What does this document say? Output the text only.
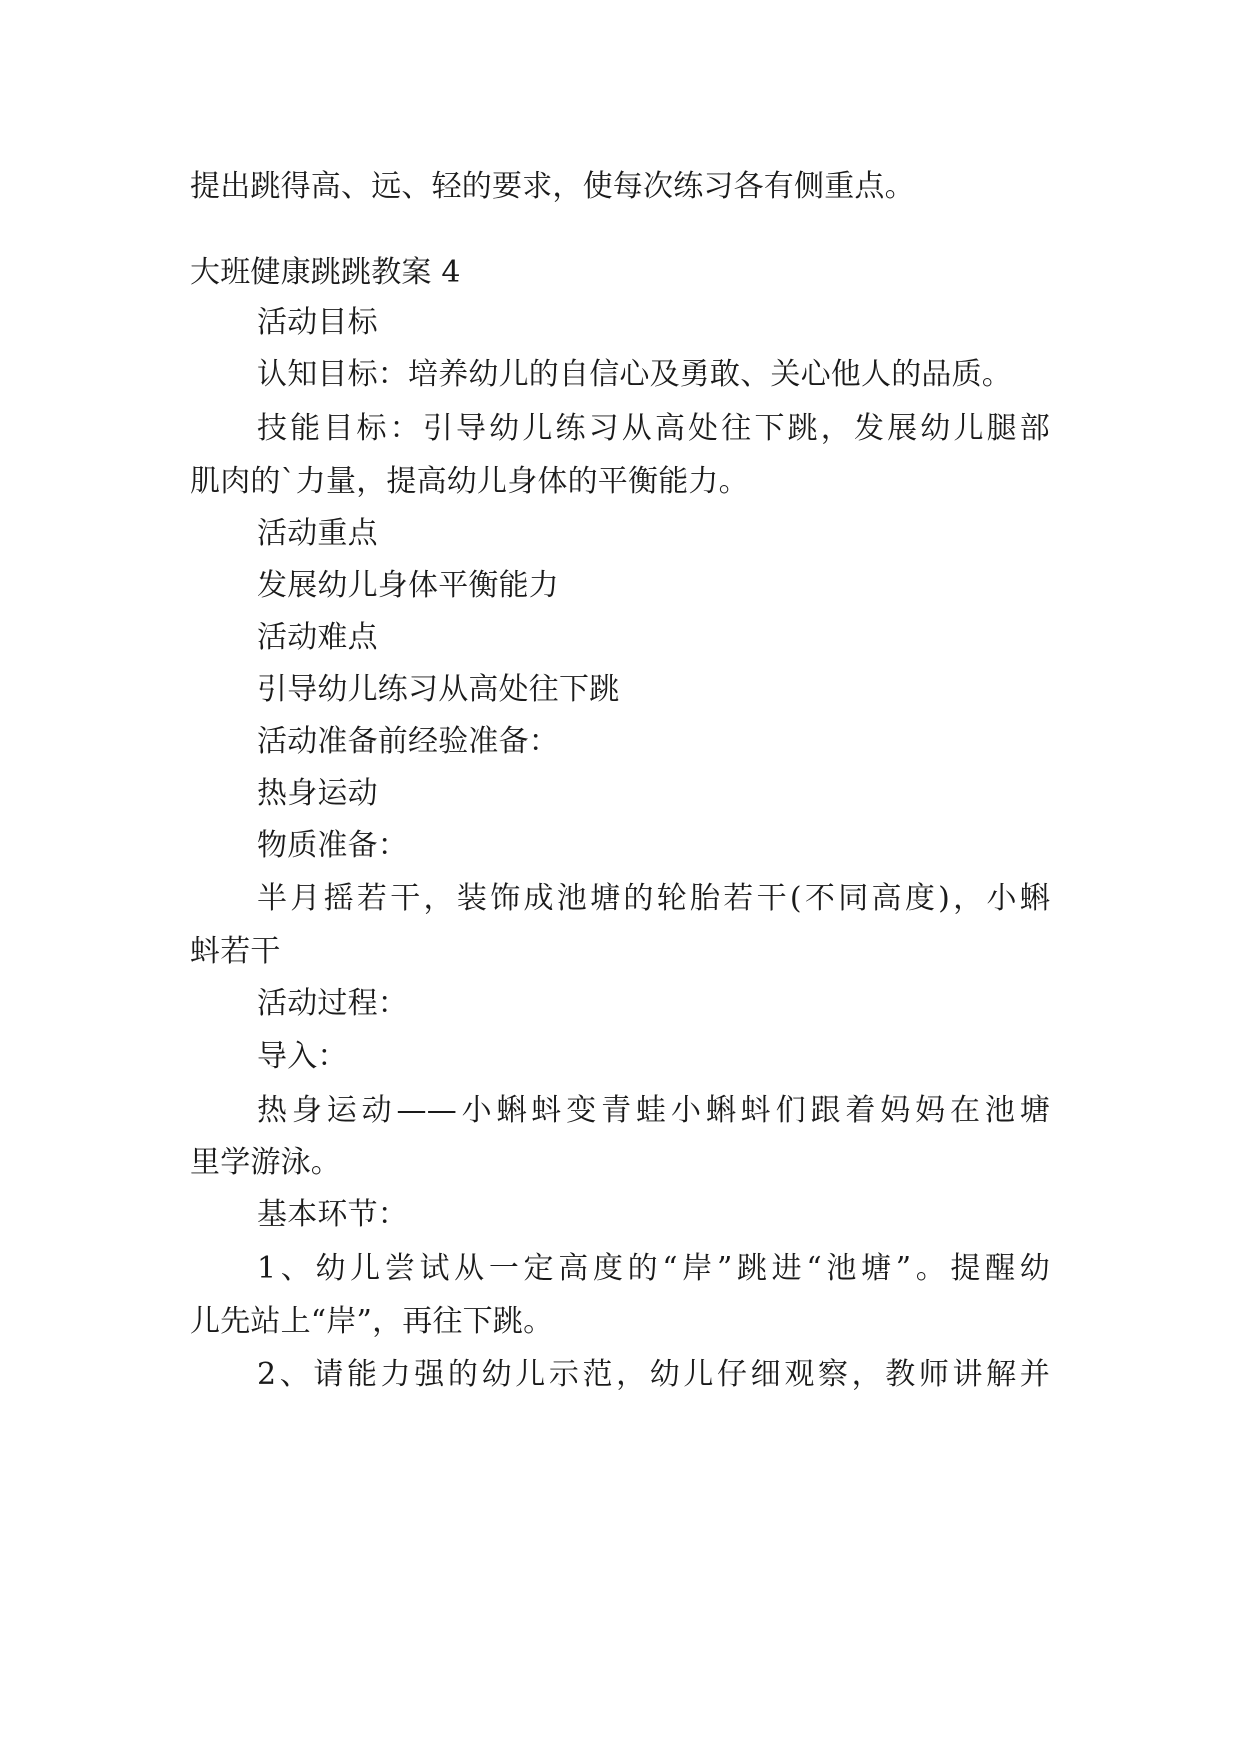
提出跳得高、远、轻的要求，使每次练习各有侧重点。
大班健康跳跳教案 4
活动目标
认知目标：培养幼儿的自信心及勇敢、关心他人的品质。
技能目标：引导幼儿练习从高处往下跳，发展幼儿腿部
肌肉的`力量，提高幼儿身体的平衡能力。
活动重点
发展幼儿身体平衡能力
活动难点
引导幼儿练习从高处往下跳
活动准备前经验准备：
热身运动
物质准备：
半月摇若干，装饰成池塘的轮胎若干(不同高度)，小蝌
蚪若干
活动过程：
导入：
热身运动——小蝌蚪变青蛙小蝌蚪们跟着妈妈在池塘
里学游泳。
基本环节：
1、幼儿尝试从一定高度的“岸”跳进“池塘”。提醒幼
儿先站上“岸”，再往下跳。
2、请能力强的幼儿示范，幼儿仔细观察，教师讲解并
